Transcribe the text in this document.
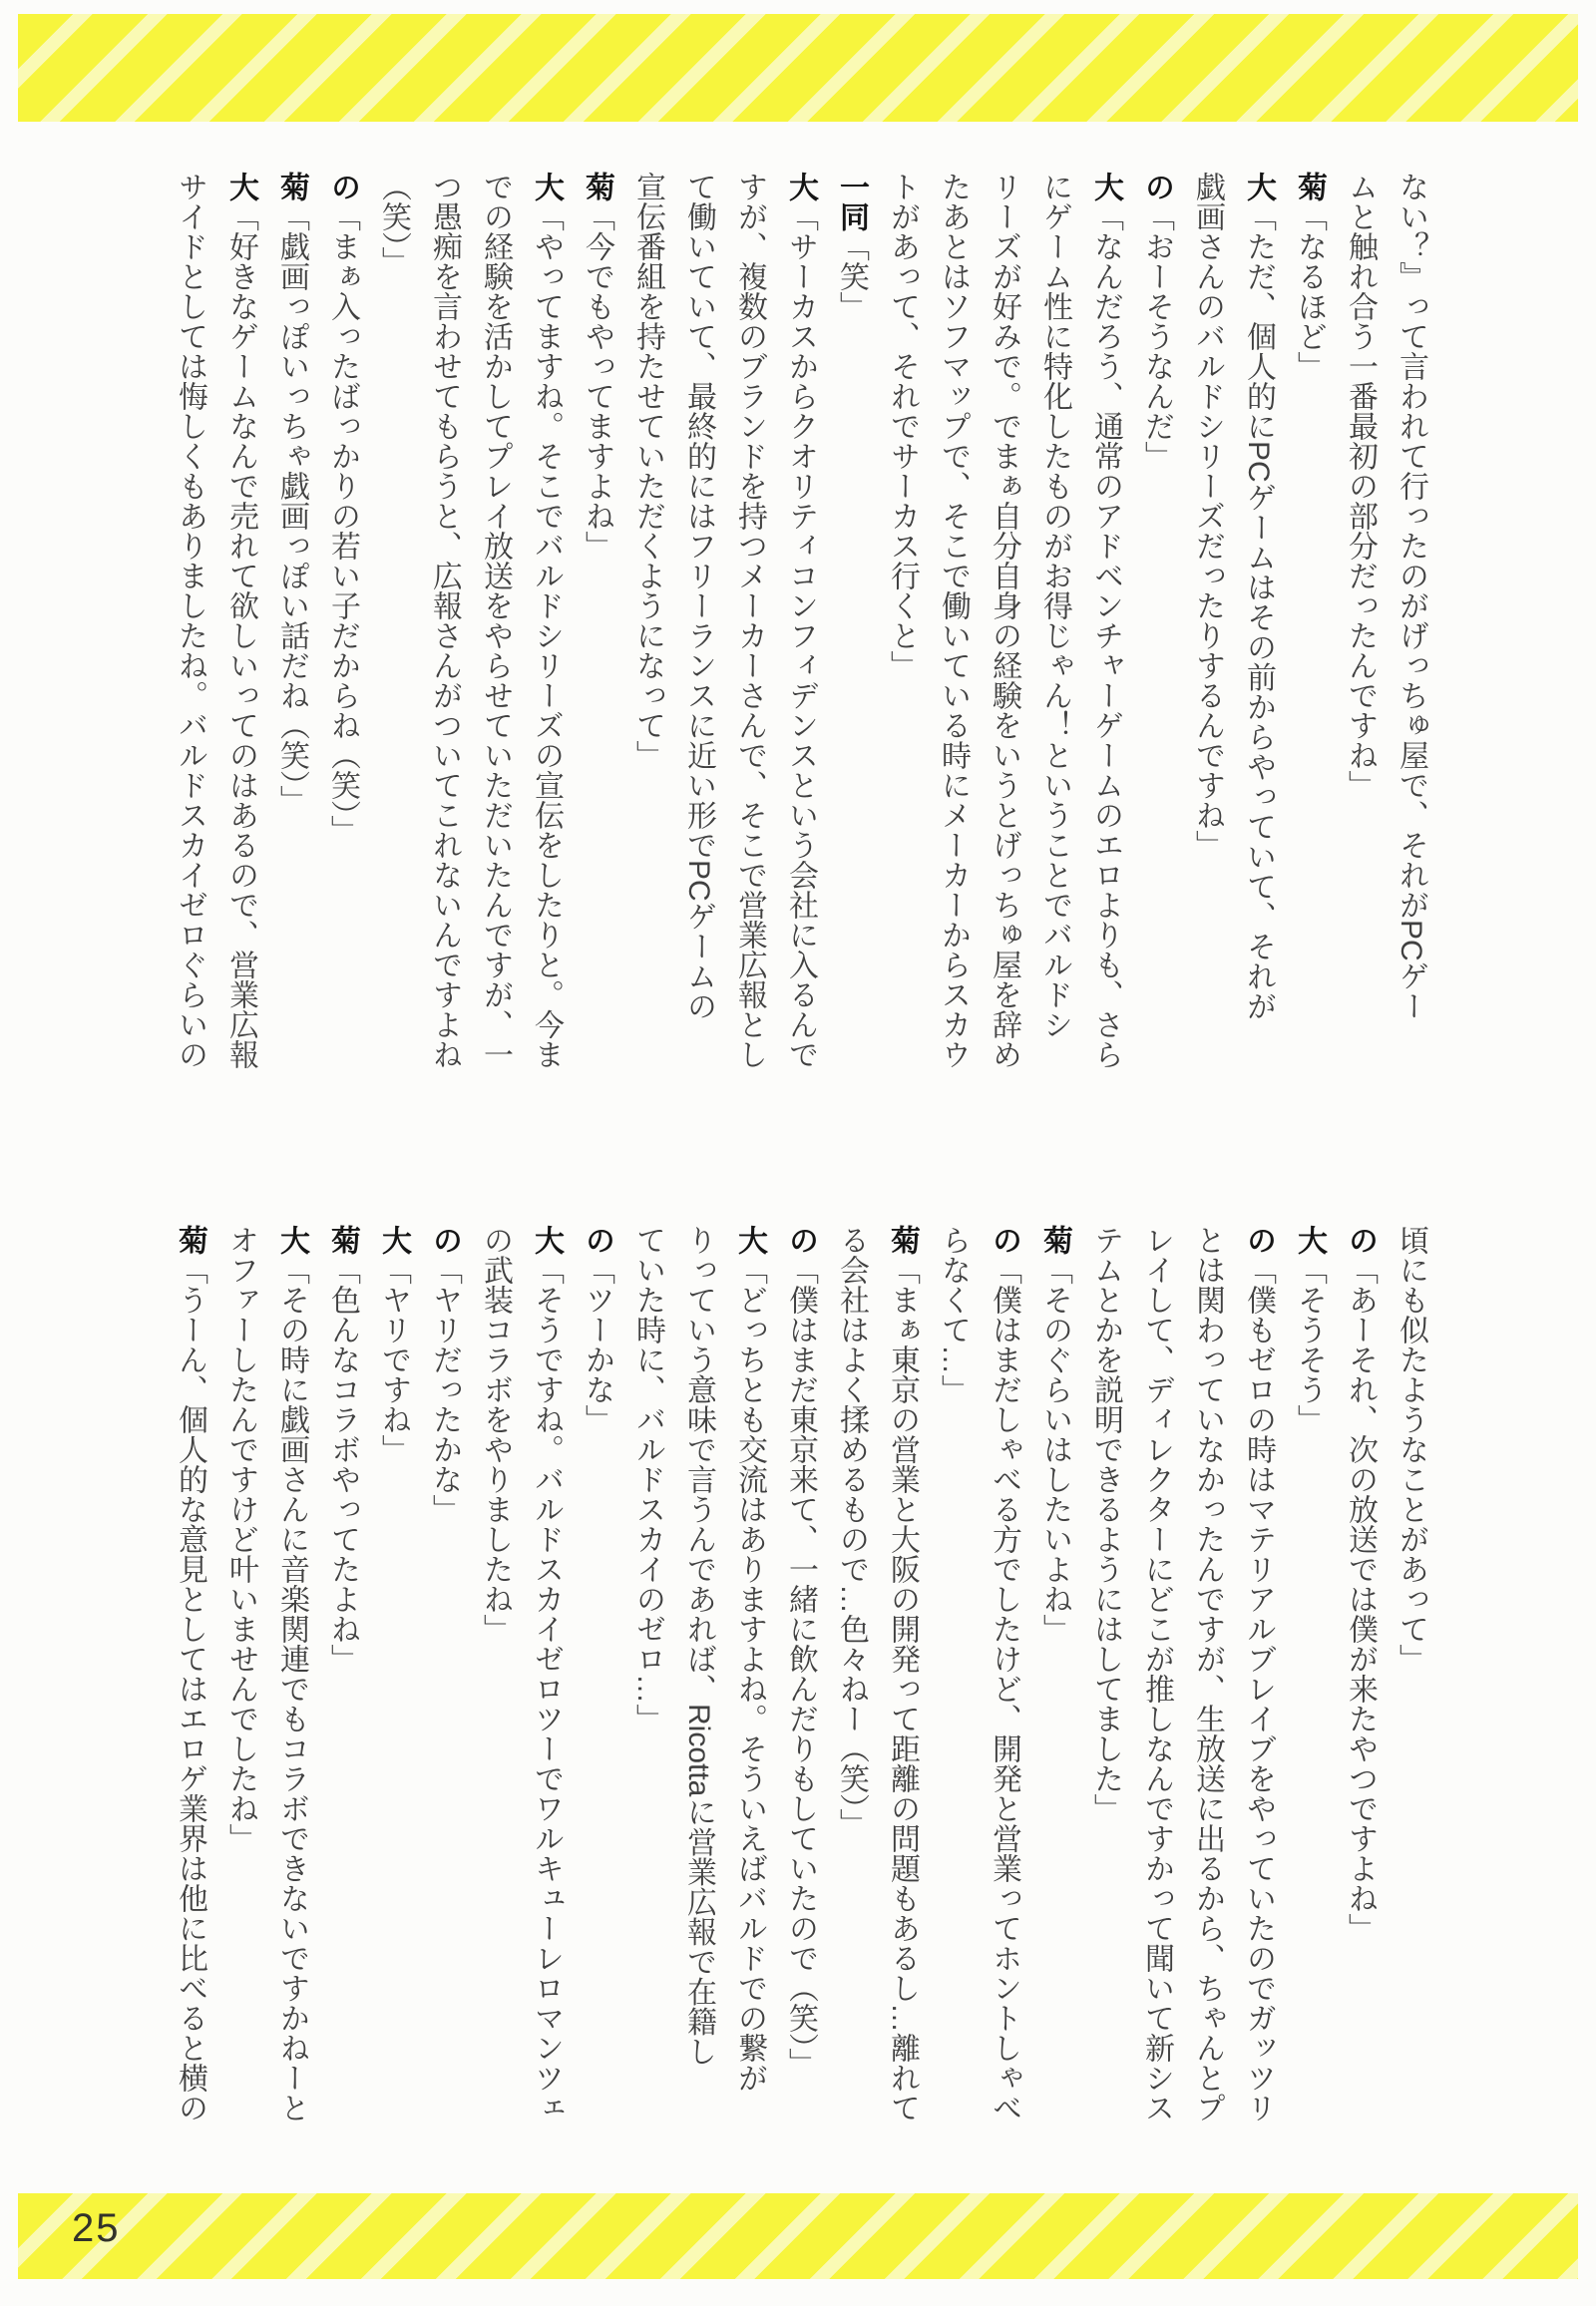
ない？』って言われて行ったのがげっちゅ屋で、それがPCゲー

ムと触れ合う一番最初の部分だったんですね」

菊「なるほど」

大「ただ、個人的にPCゲームはその前からやっていて、それが

戯画さんのバルドシリーズだったりするんですね」

の「おーそうなんだ」

大「なんだろう、通常のアドベンチャーゲームのエロよりも、さら

にゲーム性に特化したものがお得じゃん！ということでバルドシ

リーズが好みで。でまぁ自分自身の経験をいうとげっちゅ屋を辞め

たあとはソフマップで、そこで働いている時にメーカーからスカウ

トがあって、それでサーカス行くと」

一同「笑」

大「サーカスからクオリティコンフィデンスという会社に入るんで

すが、複数のブランドを持つメーカーさんで、そこで営業広報とし

て働いていて、最終的にはフリーランスに近い形でPCゲームの

宣伝番組を持たせていただくようになって」

菊「今でもやってますよね」

大「やってますね。そこでバルドシリーズの宣伝をしたりと。今ま

での経験を活かしてプレイ放送をやらせていただいたんですが、一

つ愚痴を言わせてもらうと、広報さんがついてこれないんですよね

（笑）」

の「まぁ入ったばっかりの若い子だからね（笑）」

菊「戯画っぽいっちゃ戯画っぽい話だね（笑）」

大「好きなゲームなんで売れて欲しいってのはあるので、営業広報

サイドとしては悔しくもありましたね。バルドスカイゼロぐらいの

頃にも似たようなことがあって」

の「あーそれ、次の放送では僕が来たやつですよね」

大「そうそう」

の「僕もゼロの時はマテリアルブレイブをやっていたのでガッツリ

とは関わっていなかったんですが、生放送に出るから、ちゃんとプ

レイして、ディレクターにどこが推しなんですかって聞いて新シス

テムとかを説明できるようにはしてました」

菊「そのぐらいはしたいよね」

の「僕はまだしゃべる方でしたけど、開発と営業ってホントしゃべ

らなくて…」

菊「まぁ東京の営業と大阪の開発って距離の問題もあるし…離れて

る会社はよく揉めるもので…色々ねー（笑）」

の「僕はまだ東京来て、一緒に飲んだりもしていたので（笑）」

大「どっちとも交流はありますよね。そういえばバルドでの繋が

りっていう意味で言うんであれば、Ricottaに営業広報で在籍し

ていた時に、バルドスカイのゼロ…」

の「ツーかな」

大「そうですね。バルドスカイゼロツーでワルキューレロマンツェ

の武装コラボをやりましたね」

の「ヤリだったかな」

大「ヤリですね」

菊「色んなコラボやってたよね」

大「その時に戯画さんに音楽関連でもコラボできないですかねーと

オファーしたんですけど叶いませんでしたね」

菊「うーん、個人的な意見としてはエロゲ業界は他に比べると横の

25
